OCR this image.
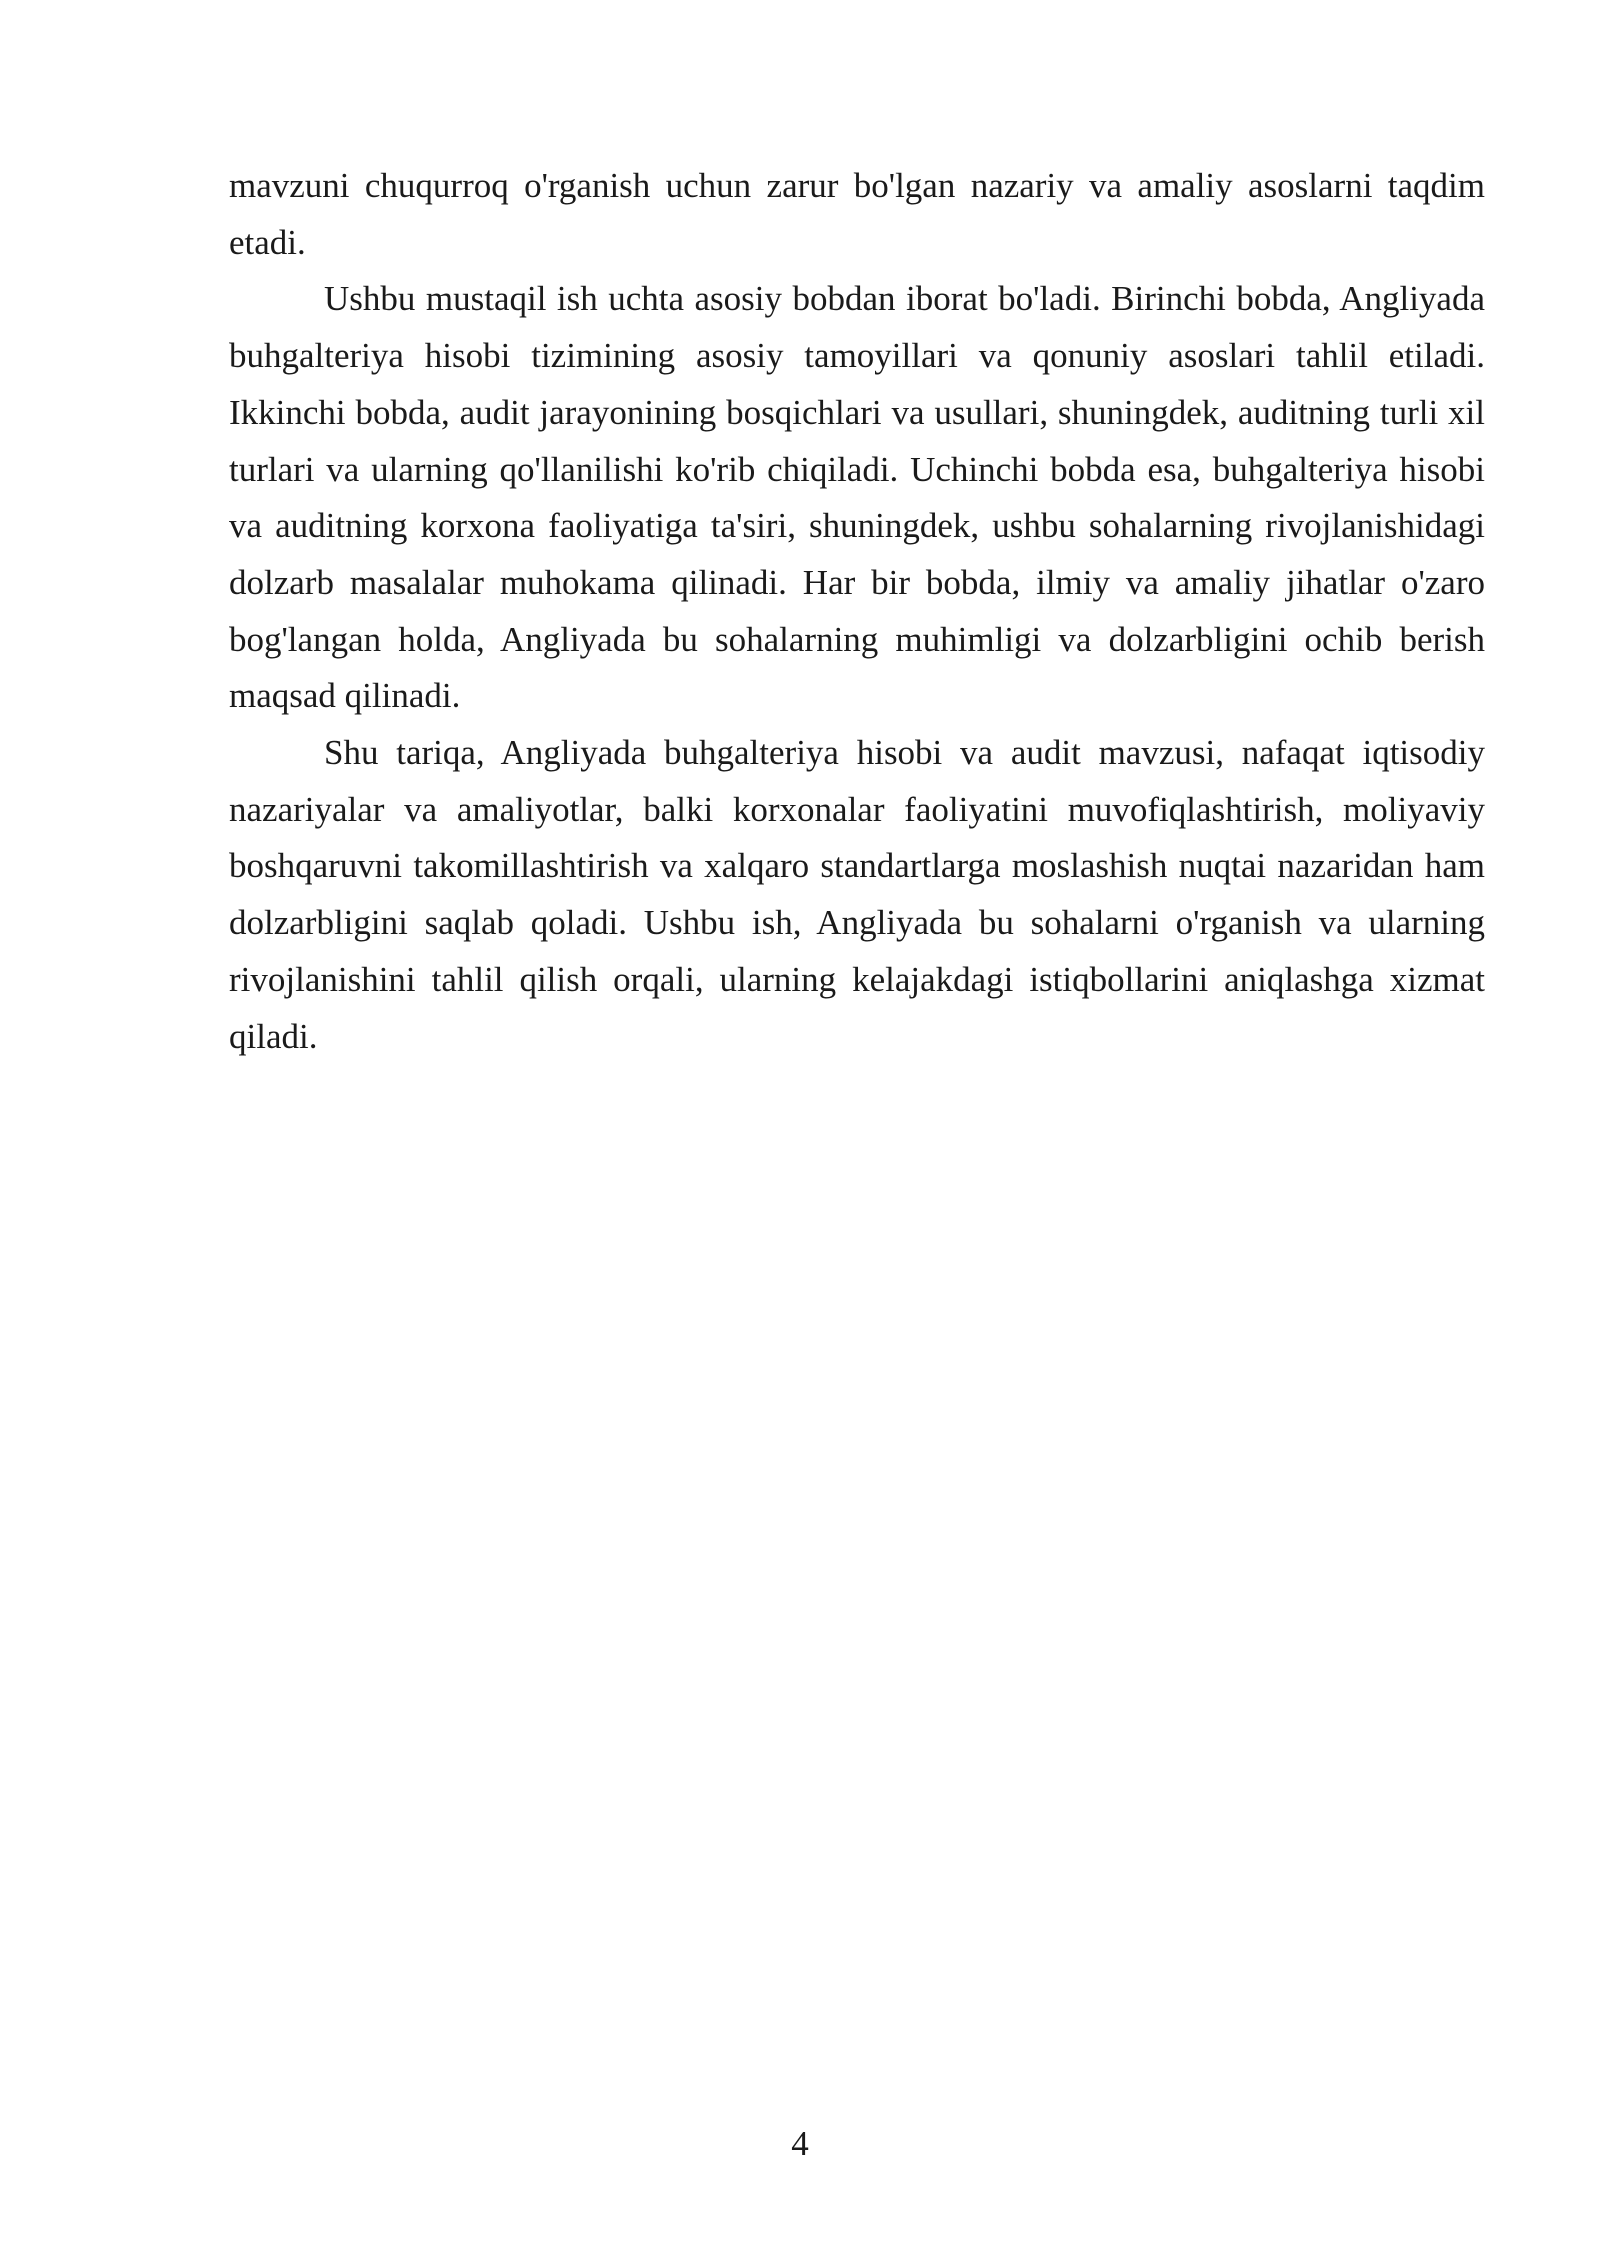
mavzuni chuqurroq o'rganish uchun zarur bo'lgan nazariy va amaliy asoslarni taqdim etadi.

Ushbu mustaqil ish uchta asosiy bobdan iborat bo'ladi. Birinchi bobda, Angliyada buhgalteriya hisobi tizimining asosiy tamoyillari va qonuniy asoslari tahlil etiladi. Ikkinchi bobda, audit jarayonining bosqichlari va usullari, shuningdek, auditning turli xil turlari va ularning qo'llanilishi ko'rib chiqiladi. Uchinchi bobda esa, buhgalteriya hisobi va auditning korxona faoliyatiga ta'siri, shuningdek, ushbu sohalarning rivojlanishidagi dolzarb masalalar muhokama qilinadi. Har bir bobda, ilmiy va amaliy jihatlar o'zaro bog'langan holda, Angliyada bu sohalarning muhimligi va dolzarbligini ochib berish maqsad qilinadi.

Shu tariqa, Angliyada buhgalteriya hisobi va audit mavzusi, nafaqat iqtisodiy nazariyalar va amaliyotlar, balki korxonalar faoliyatini muvofiqlashtirish, moliyaviy boshqaruvni takomillashtirish va xalqaro standartlarga moslashish nuqtai nazaridan ham dolzarbligini saqlab qoladi. Ushbu ish, Angliyada bu sohalarni o'rganish va ularning rivojlanishini tahlil qilish orqali, ularning kelajakdagi istiqbollarini aniqlashga xizmat qiladi.

4
